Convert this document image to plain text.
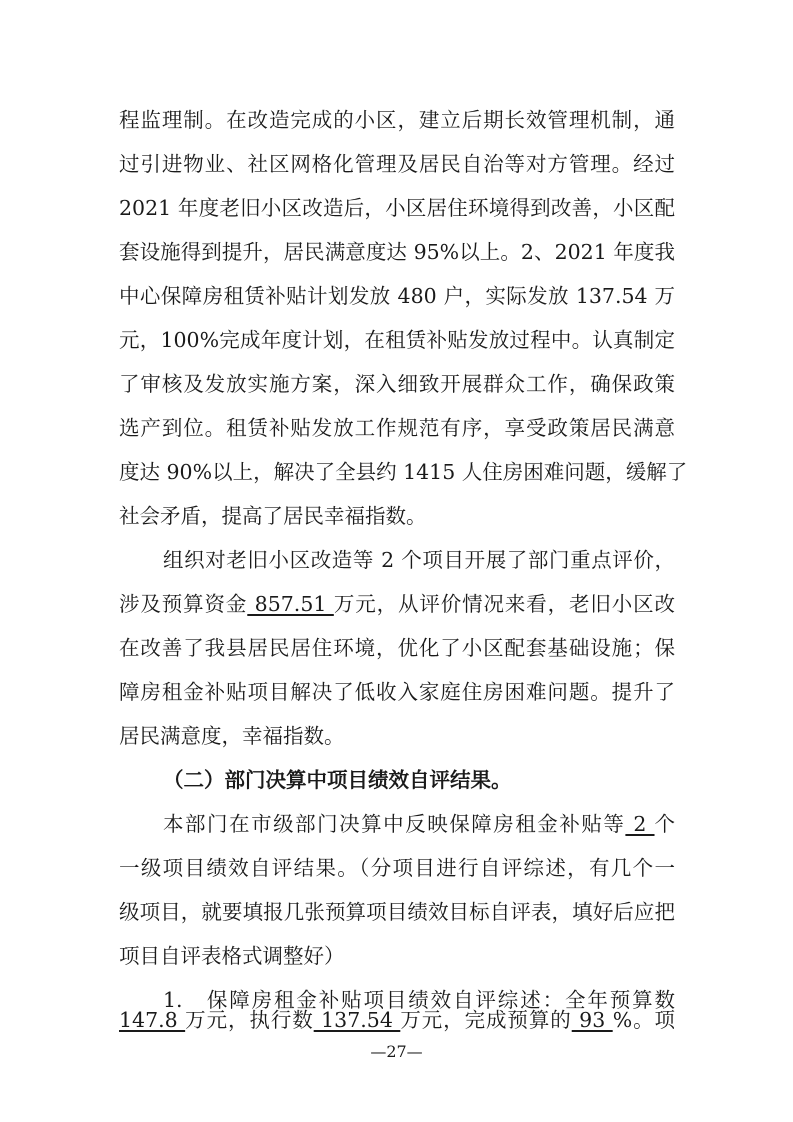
程监理制。在改造完成的小区，建立后期长效管理机制，通
过引进物业、社区网格化管理及居民自治等对方管理。经过
2021 年度老旧小区改造后，小区居住环境得到改善，小区配
套设施得到提升，居民满意度达 95%以上。2、2021 年度我
中心保障房租赁补贴计划发放 480 户，实际发放 137.54 万
元，100%完成年度计划，在租赁补贴发放过程中。认真制定
了审核及发放实施方案，深入细致开展群众工作，确保政策
选产到位。租赁补贴发放工作规范有序，享受政策居民满意
度达 90%以上，解决了全县约 1415 人住房困难问题，缓解了
社会矛盾，提高了居民幸福指数。
组织对老旧小区改造等 2 个项目开展了部门重点评价，
涉及预算资金 857.51 万元，从评价情况来看，老旧小区改
在改善了我县居民居住环境，优化了小区配套基础设施；保
障房租金补贴项目解决了低收入家庭住房困难问题。提升了
居民满意度，幸福指数。
（二）部门决算中项目绩效自评结果。
本部门在市级部门决算中反映保障房租金补贴等 2 个
一级项目绩效自评结果。（分项目进行自评综述，有几个一
级项目，就要填报几张预算项目绩效目标自评表，填好后应把
项目自评表格式调整好）
1.　保障房租金补贴项目绩效自评综述：全年预算数
—27—
147.8 万元，执行数 137.54 万元，完成预算的 93 %。项
